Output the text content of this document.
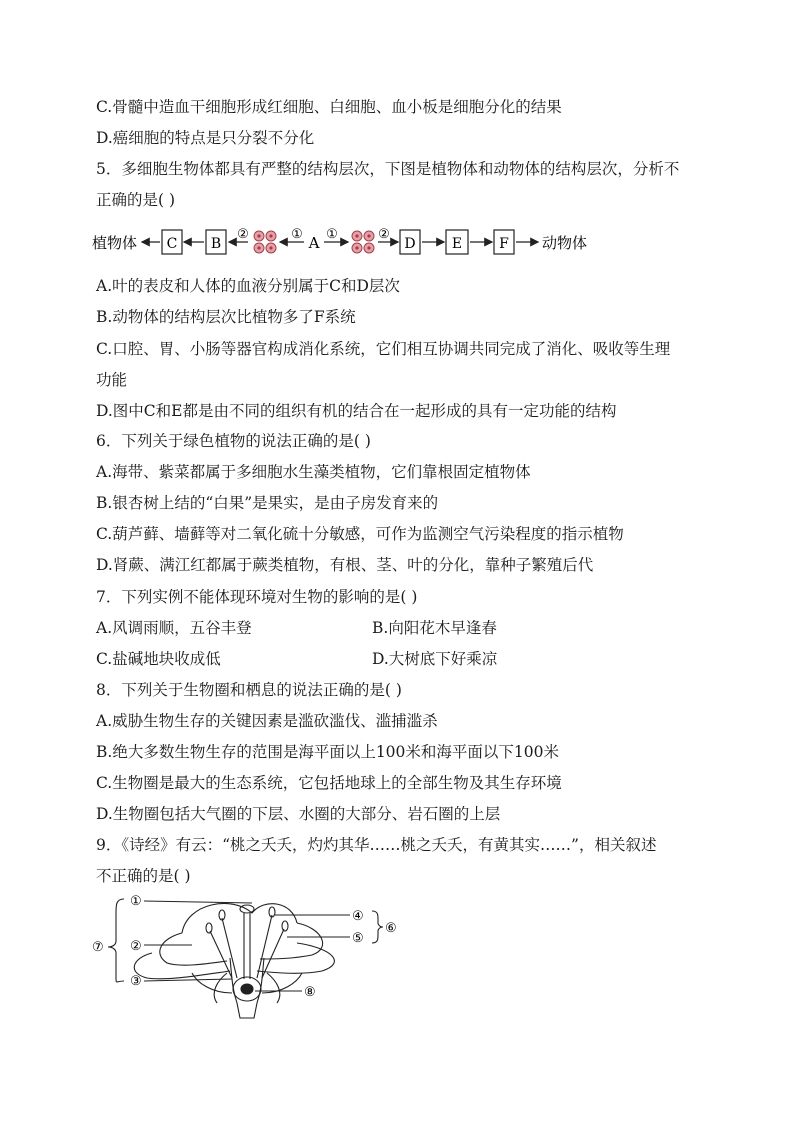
C.骨髓中造血干细胞形成红细胞、白细胞、血小板是细胞分化的结果
D.癌细胞的特点是只分裂不分化
5．多细胞生物体都具有严整的结构层次，下图是植物体和动物体的结构层次，分析不
正确的是( )
植物体 C B
②	① A ①	②
D	E	F 动物体
A.叶的表皮和人体的血液分别属于C和D层次
B.动物体的结构层次比植物多了F系统
C.口腔、胃、小肠等器官构成消化系统，它们相互协调共同完成了消化、吸收等生理
功能
D.图中C和E都是由不同的组织有机的结合在一起形成的具有一定功能的结构
6．下列关于绿色植物的说法正确的是( )
A.海带、紫菜都属于多细胞水生藻类植物，它们靠根固定植物体
B.银杏树上结的“白果”是果实，是由子房发育来的
C.葫芦藓、墙藓等对二氧化硫十分敏感，可作为监测空气污染程度的指示植物
D.肾蕨、满江红都属于蕨类植物，有根、茎、叶的分化，靠种子繁殖后代
7．下列实例不能体现环境对生物的影响的是( )
A.风调雨顺，五谷丰登	B.向阳花木早逢春
C.盐碱地块收成低	D.大树底下好乘凉
8．下列关于生物圈和栖息的说法正确的是( )
A.威胁生物生存的关键因素是滥砍滥伐、滥捕滥杀
B.绝大多数生物生存的范围是海平面以上100米和海平面以下100米
C.生物圈是最大的生态系统，它包括地球上的全部生物及其生存环境
D.生物圈包括大气圈的下层、水圈的大部分、岩石圈的上层
9．《诗经》有云：“桃之夭夭，灼灼其华……桃之夭夭，有黄其实……”，相关叙述
不正确的是( )
①
②
③
④
⑤
⑥
⑦
⑧
